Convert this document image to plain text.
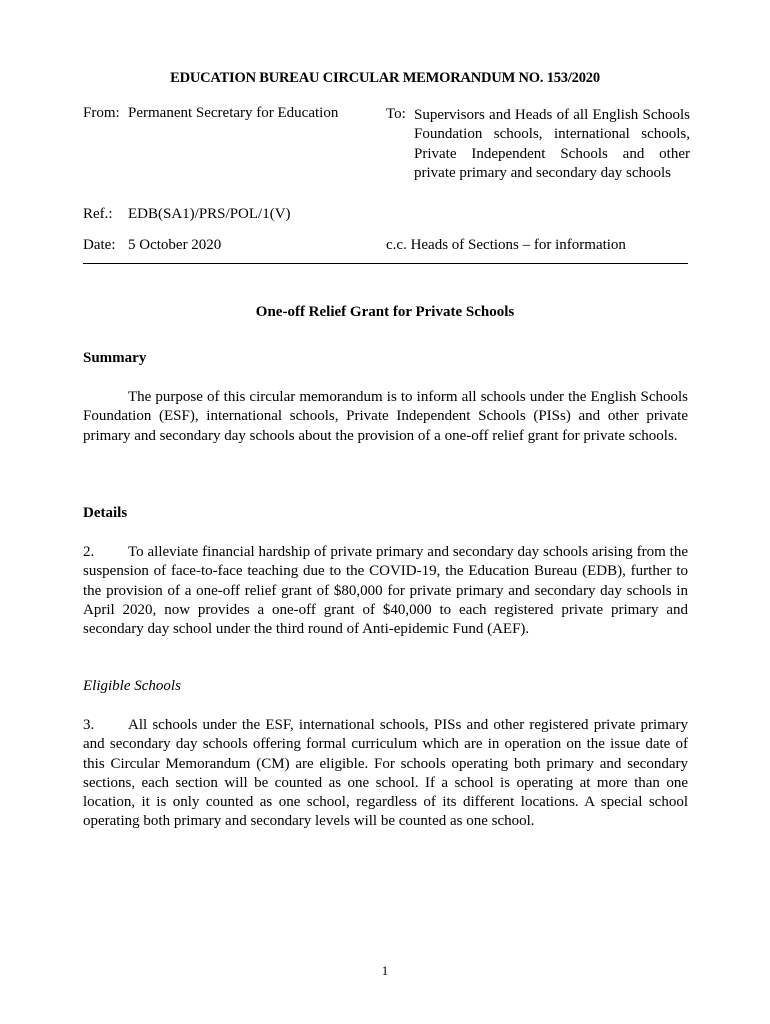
EDUCATION BUREAU CIRCULAR MEMORANDUM NO. 153/2020

From: Permanent Secretary for Education	To: Supervisors and Heads of all English Schools Foundation schools, international schools, Private Independent Schools and other private primary and secondary day schools
Ref.: EDB(SA1)/PRS/POL/1(V)
Date: 5 October 2020	c.c. Heads of Sections – for information

One-off Relief Grant for Private Schools

Summary

The purpose of this circular memorandum is to inform all schools under the English Schools Foundation (ESF), international schools, Private Independent Schools (PISs) and other private primary and secondary day schools about the provision of a one-off relief grant for private schools.

Details

2. To alleviate financial hardship of private primary and secondary day schools arising from the suspension of face-to-face teaching due to the COVID-19, the Education Bureau (EDB), further to the provision of a one-off relief grant of $80,000 for private primary and secondary day schools in April 2020, now provides a one-off grant of $40,000 to each registered private primary and secondary day school under the third round of Anti-epidemic Fund (AEF).

Eligible Schools

3. All schools under the ESF, international schools, PISs and other registered private primary and secondary day schools offering formal curriculum which are in operation on the issue date of this Circular Memorandum (CM) are eligible. For schools operating both primary and secondary sections, each section will be counted as one school. If a school is operating at more than one location, it is only counted as one school, regardless of its different locations. A special school operating both primary and secondary levels will be counted as one school.

1
